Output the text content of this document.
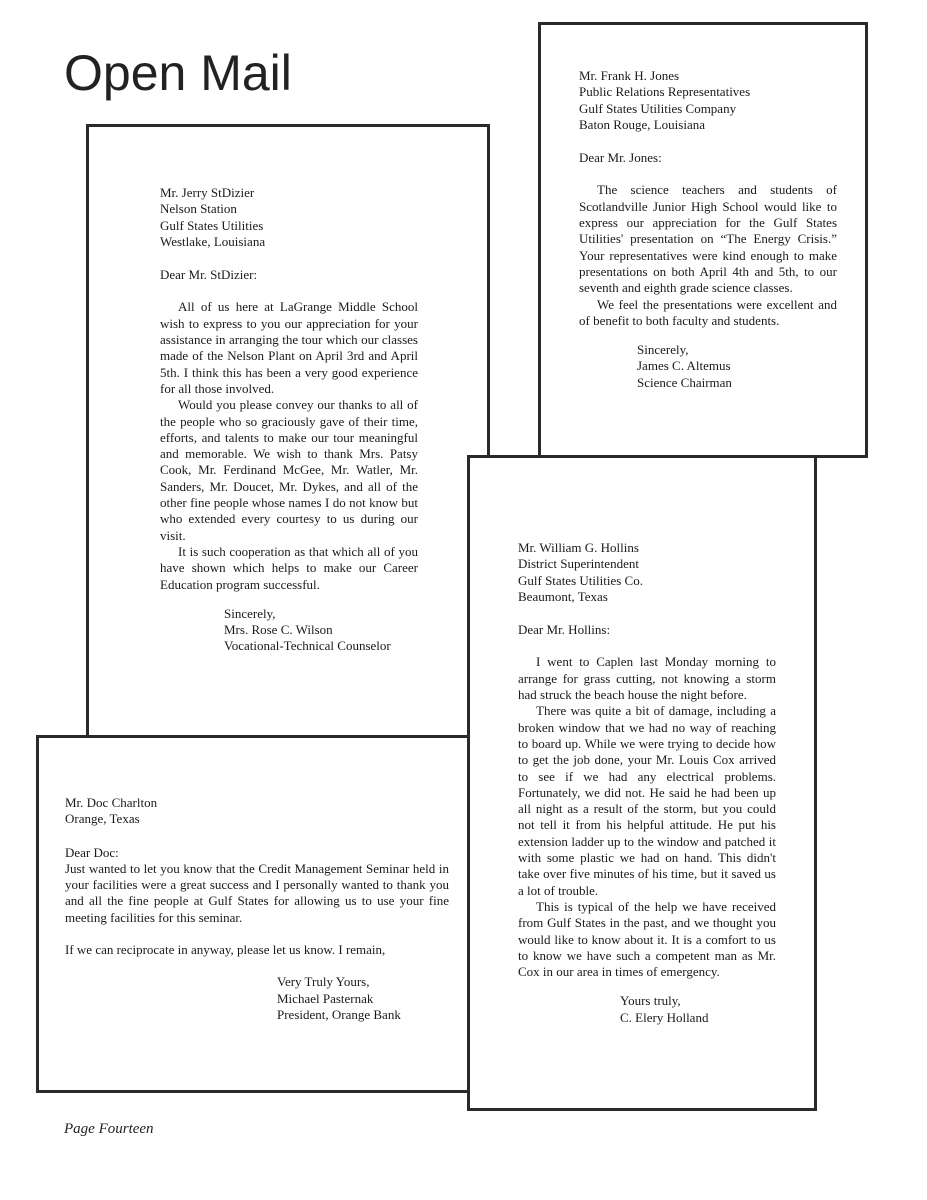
Open Mail

Mr. Jerry StDizier

Nelson Station

Gulf States Utilities

Westlake, Louisiana

Dear Mr. StDizier:

All of us here at LaGrange Middle School wish to express to you our appreciation for your assistance in arranging the tour which our classes made of the Nelson Plant on April 3rd and April 5th. I think this has been a very good experience for all those involved.

Would you please convey our thanks to all of the people who so graciously gave of their time, efforts, and talents to make our tour meaningful and memorable. We wish to thank Mrs. Patsy Cook, Mr. Ferdinand McGee, Mr. Watler, Mr. Sanders, Mr. Doucet, Mr. Dykes, and all of the other fine people whose names I do not know but who extended every courtesy to us during our visit.

It is such cooperation as that which all of you have shown which helps to make our Career Education program successful.

Sincerely,

Mrs. Rose C. Wilson

Vocational-Technical Counselor

Mr. Frank H. Jones

Public Relations Representatives

Gulf States Utilities Company

Baton Rouge, Louisiana

Dear Mr. Jones:

The science teachers and students of Scotlandville Junior High School would like to express our appreciation for the Gulf States Utilities' presentation on “The Energy Crisis.” Your representatives were kind enough to make presentations on both April 4th and 5th, to our seventh and eighth grade science classes.

We feel the presentations were excellent and of benefit to both faculty and students.

Sincerely,

James C. Altemus

Science Chairman

Mr. William G. Hollins

District Superintendent

Gulf States Utilities Co.

Beaumont, Texas

Dear Mr. Hollins:

I went to Caplen last Monday morning to arrange for grass cutting, not knowing a storm had struck the beach house the night before.

There was quite a bit of damage, including a broken window that we had no way of reaching to board up. While we were trying to decide how to get the job done, your Mr. Louis Cox arrived to see if we had any electrical problems. Fortunately, we did not. He said he had been up all night as a result of the storm, but you could not tell it from his helpful attitude. He put his extension ladder up to the window and patched it with some plastic we had on hand. This didn't take over five minutes of his time, but it saved us a lot of trouble.

This is typical of the help we have received from Gulf States in the past, and we thought you would like to know about it. It is a comfort to us to know we have such a competent man as Mr. Cox in our area in times of emergency.

Yours truly,

C. Elery Holland

Mr. Doc Charlton

Orange, Texas

Dear Doc:

Just wanted to let you know that the Credit Management Seminar held in your facilities were a great success and I personally wanted to thank you and all the fine people at Gulf States for allowing us to use your fine meeting facilities for this seminar.

If we can reciprocate in anyway, please let us know. I remain,

Very Truly Yours,

Michael Pasternak

President, Orange Bank

Page Fourteen
